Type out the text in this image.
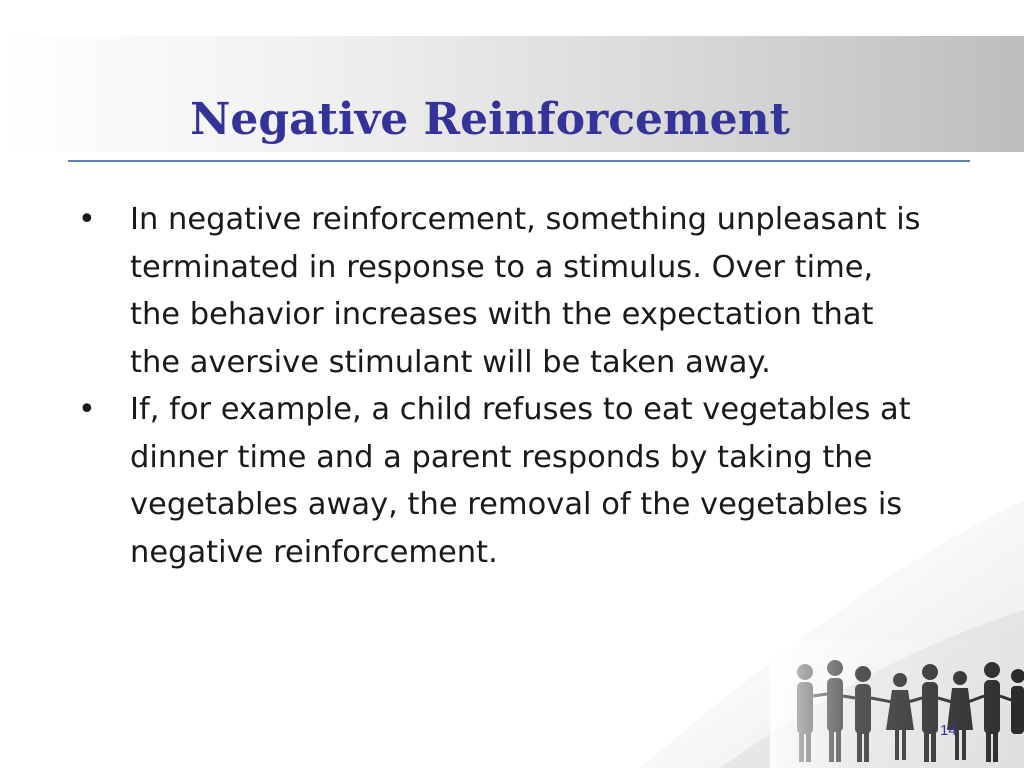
Negative Reinforcement
• In negative reinforcement, something unpleasant is terminated in response to a stimulus. Over time, the behavior increases with the expectation that the aversive stimulant will be taken away.
• If, for example, a child refuses to eat vegetables at dinner time and a parent responds by taking the vegetables away, the removal of the vegetables is negative reinforcement.
14
